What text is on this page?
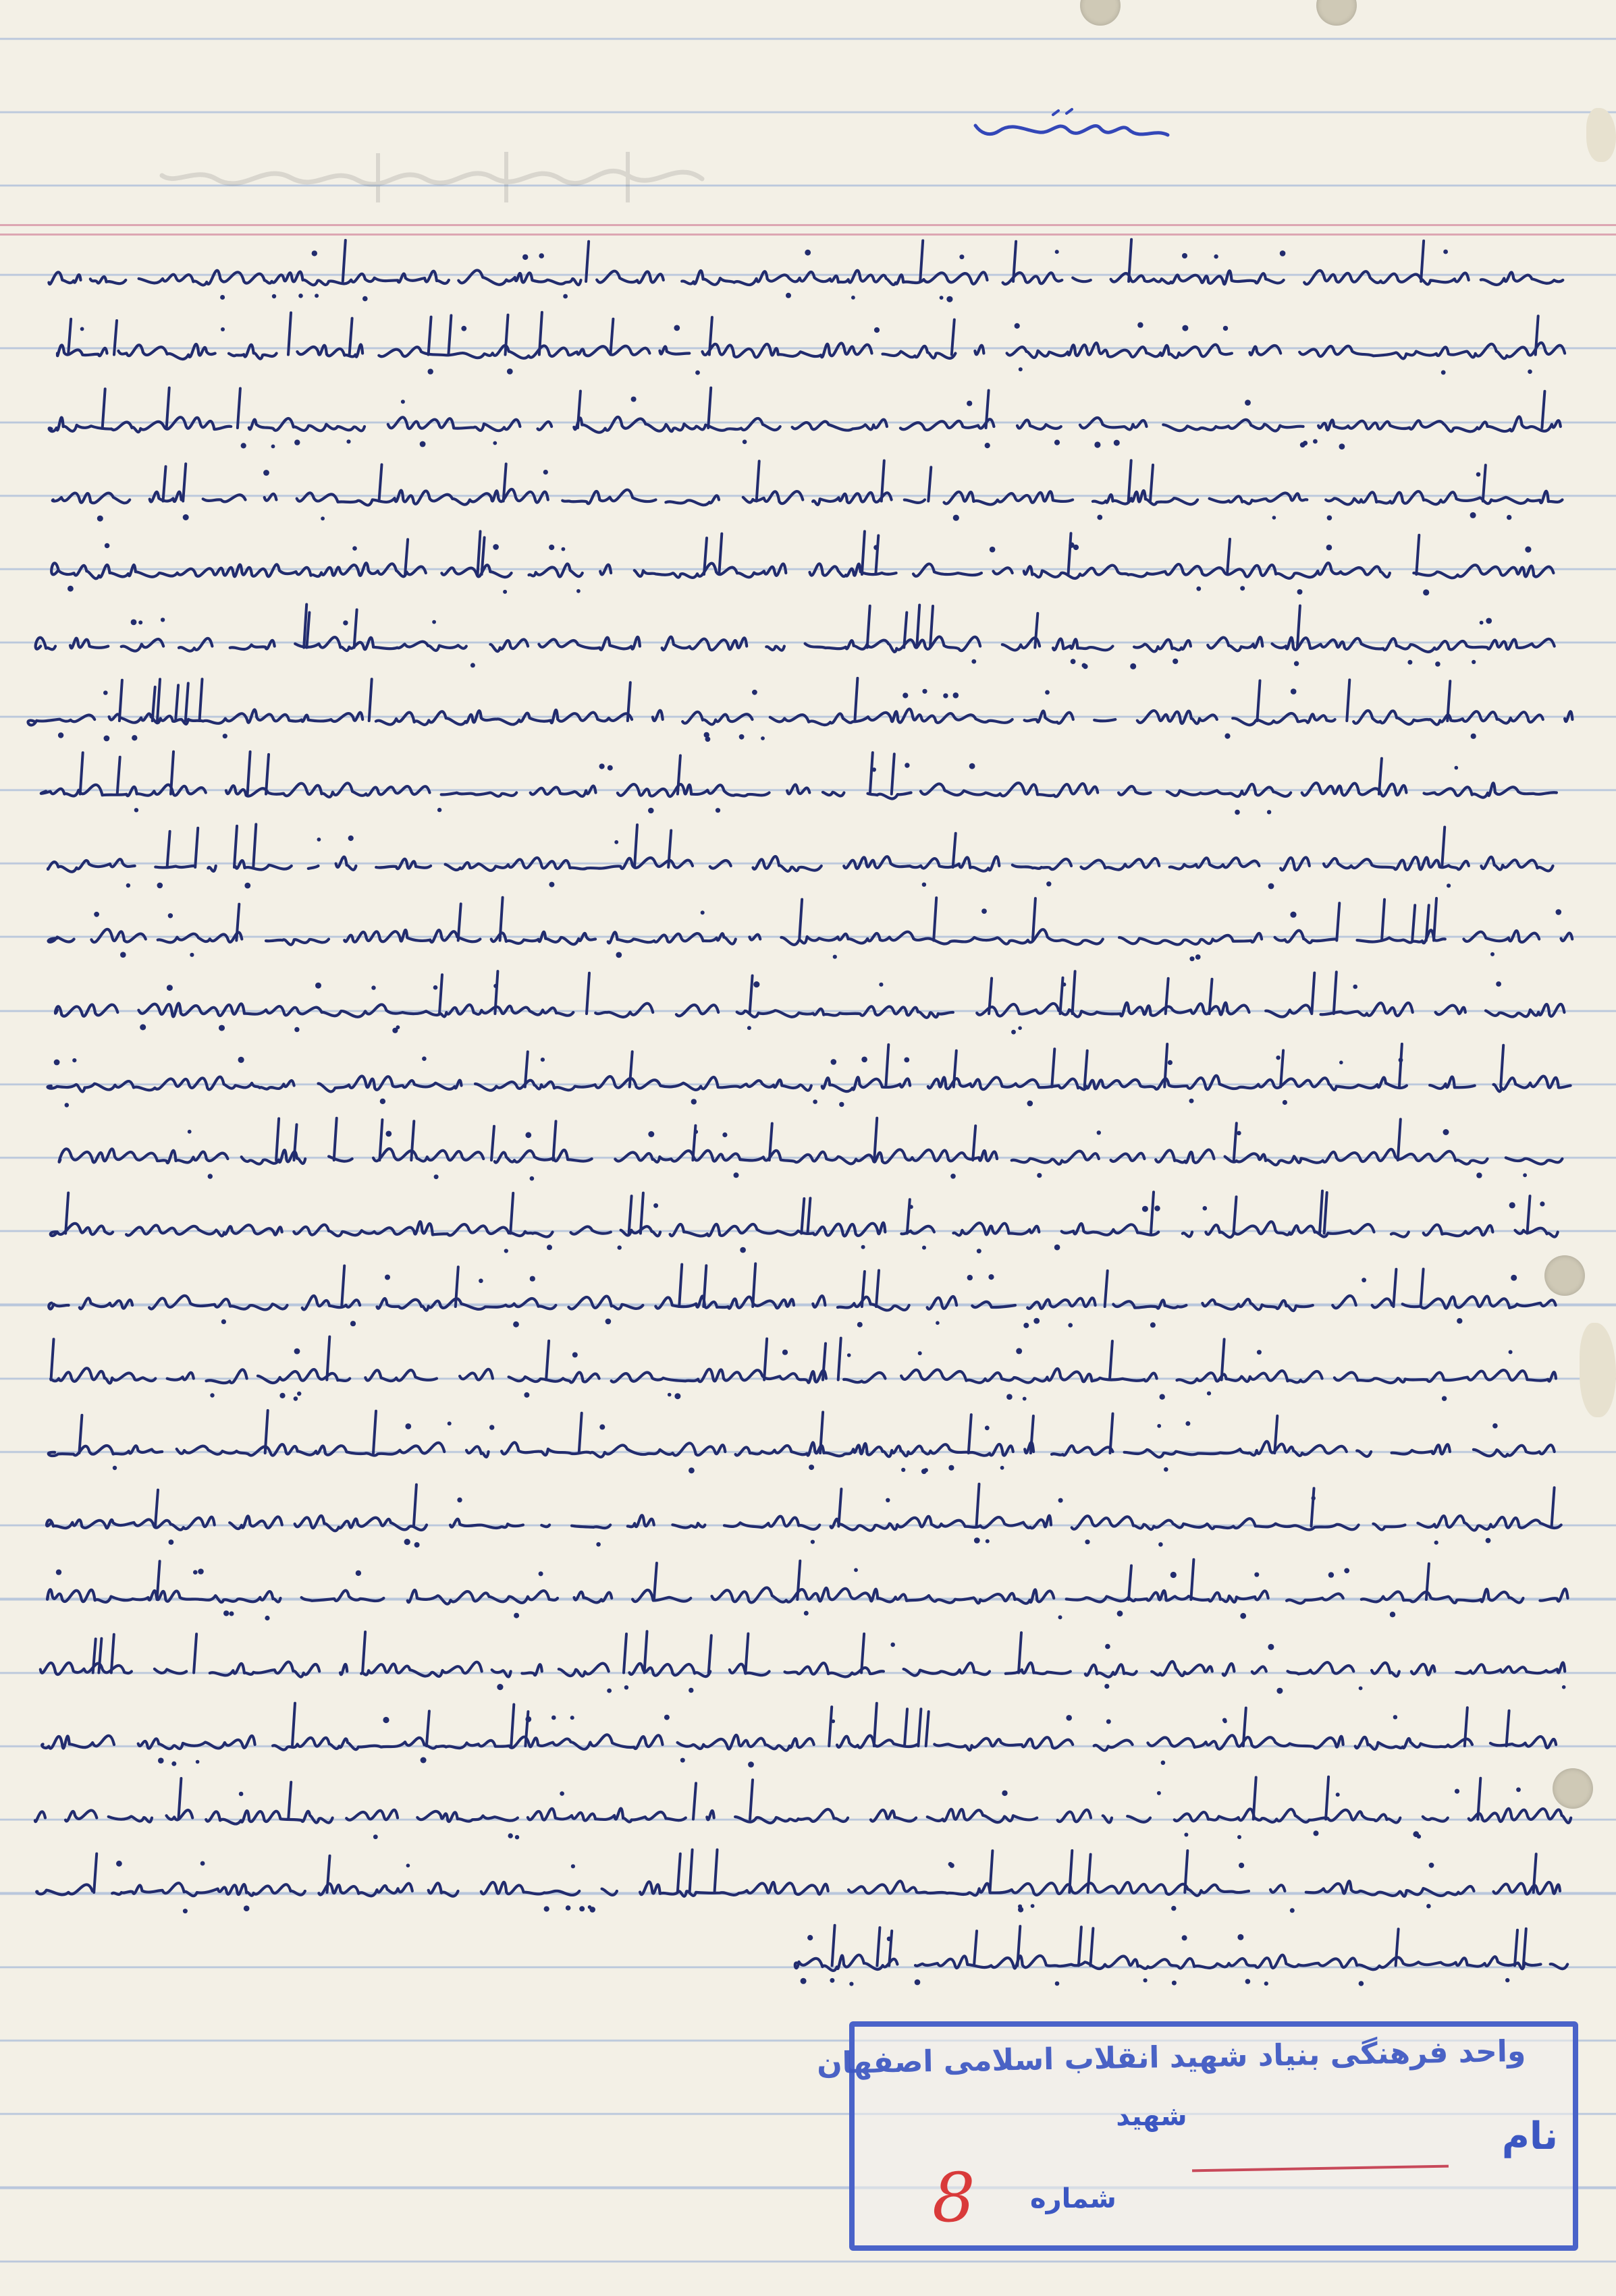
واحد فرهنگی بنیاد شهید انقلاب اسلامی اصفهان
شهید	نام
شماره
8
